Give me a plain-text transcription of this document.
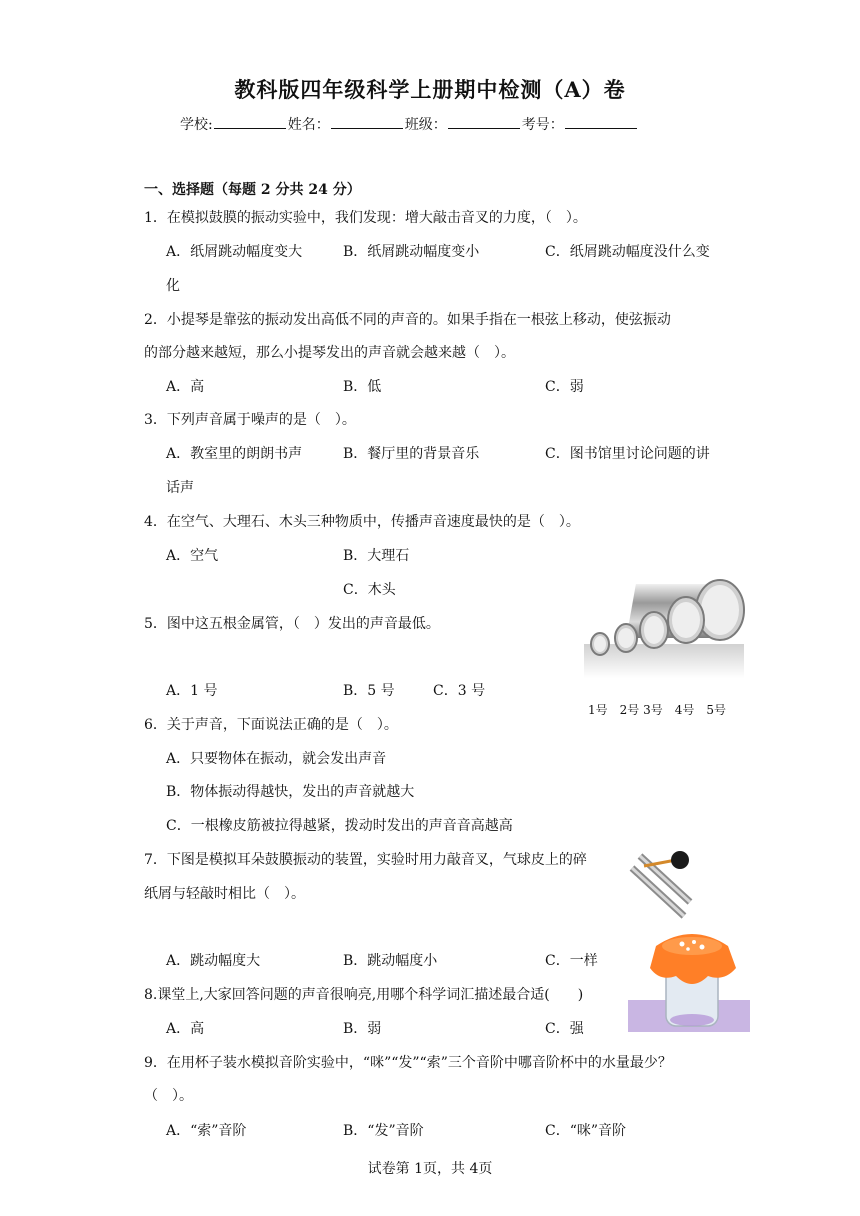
教科版四年级科学上册期中检测（A）卷
学校:	姓名：	班级：	考号：
一、选择题（每题 2 分共 24 分）
1．在模拟鼓膜的振动实验中，我们发现：增大敲击音叉的力度，（　）。
A．纸屑跳动幅度变大	B．纸屑跳动幅度变小	C．纸屑跳动幅度没什么变
化
2．小提琴是靠弦的振动发出高低不同的声音的。如果手指在一根弦上移动，使弦振动
的部分越来越短，那么小提琴发出的声音就会越来越（　）。
A．高	B．低	C．弱
3．下列声音属于噪声的是（　）。
A．教室里的朗朗书声	B．餐厅里的背景音乐	C．图书馆里讨论问题的讲
话声
4．在空气、大理石、木头三种物质中，传播声音速度最快的是（　）。
A．空气	B．大理石
C．木头
5．图中这五根金属管，（　）发出的声音最低。
A．1 号	B．5 号	C．3 号
1号　2号 3号　4号　5号
6．关于声音，下面说法正确的是（　）。
A．只要物体在振动，就会发出声音
B．物体振动得越快，发出的声音就越大
C．一根橡皮筋被拉得越紧，拨动时发出的声音音高越高
7．下图是模拟耳朵鼓膜振动的装置，实验时用力敲音叉，气球皮上的碎
纸屑与轻敲时相比（　）。
A．跳动幅度大	B．跳动幅度小	C．一样
8.课堂上,大家回答问题的声音很响亮,用哪个科学词汇描述最合适(　　)
A．高	B．弱	C．强
9．在用杯子装水模拟音阶实验中，“咪”“发”“索”三个音阶中哪音阶杯中的水量最少？
（　）。
A．“索”音阶	B．“发”音阶	C．“咪”音阶
试卷第 1页，共 4页
